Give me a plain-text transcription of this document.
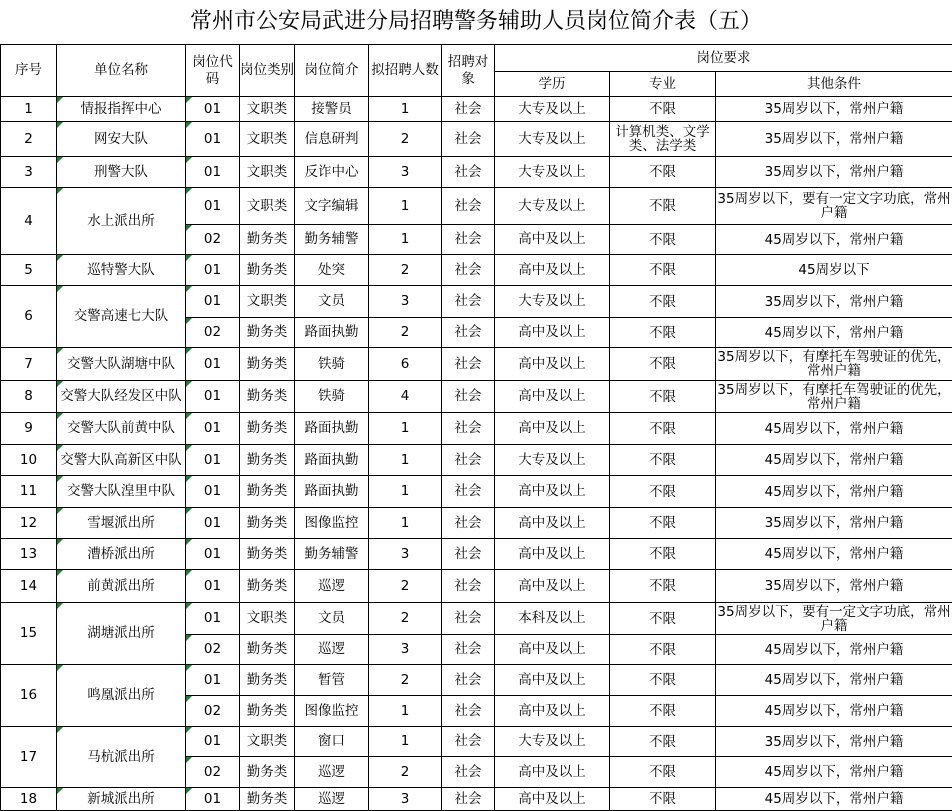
常州市公安局武进分局招聘警务辅助人员岗位简介表（五）
序号	单位名称	岗位代码	岗位类别	岗位简介	拟招聘人数	招聘对象	岗位要求		
							学历	专业	其他条件
1	情报指挥中心	01	文职类	接警员	1	社会	大专及以上	不限	35周岁以下，常州户籍
2	网安大队	01	文职类	信息研判	2	社会	大专及以上	计算机类、文学类、法学类	35周岁以下，常州户籍
3	刑警大队	01	文职类	反诈中心	3	社会	大专及以上	不限	35周岁以下，常州户籍
4	水上派出所	01	文职类	文字编辑	1	社会	大专及以上	不限	35周岁以下，要有一定文字功底，常州户籍
		02	勤务类	勤务辅警	1	社会	高中及以上	不限	45周岁以下，常州户籍
5	巡特警大队	01	勤务类	处突	2	社会	高中及以上	不限	45周岁以下
6	交警高速七大队	01	文职类	文员	3	社会	大专及以上	不限	35周岁以下，常州户籍
		02	勤务类	路面执勤	2	社会	高中及以上	不限	45周岁以下，常州户籍
7	交警大队湖塘中队	01	勤务类	铁骑	6	社会	高中及以上	不限	35周岁以下，有摩托车驾驶证的优先，常州户籍
8	交警大队经发区中队	01	勤务类	铁骑	4	社会	高中及以上	不限	35周岁以下，有摩托车驾驶证的优先，常州户籍
9	交警大队前黄中队	01	勤务类	路面执勤	1	社会	高中及以上	不限	45周岁以下，常州户籍
10	交警大队高新区中队	01	勤务类	路面执勤	1	社会	大专及以上	不限	45周岁以下，常州户籍
11	交警大队湟里中队	01	勤务类	路面执勤	1	社会	高中及以上	不限	45周岁以下，常州户籍
12	雪堰派出所	01	勤务类	图像监控	1	社会	高中及以上	不限	35周岁以下，常州户籍
13	漕桥派出所	01	勤务类	勤务辅警	3	社会	高中及以上	不限	45周岁以下，常州户籍
14	前黄派出所	01	勤务类	巡逻	2	社会	高中及以上	不限	35周岁以下，常州户籍
15	湖塘派出所	01	文职类	文员	2	社会	本科及以上	不限	35周岁以下，要有一定文字功底，常州户籍
		02	勤务类	巡逻	3	社会	高中及以上	不限	45周岁以下，常州户籍
16	鸣凰派出所	01	勤务类	暂管	2	社会	高中及以上	不限	45周岁以下，常州户籍
		02	勤务类	图像监控	1	社会	高中及以上	不限	45周岁以下，常州户籍
17	马杭派出所	01	文职类	窗口	1	社会	大专及以上	不限	35周岁以下，常州户籍
		02	勤务类	巡逻	2	社会	高中及以上	不限	45周岁以下，常州户籍
18	新城派出所	01	勤务类	巡逻	3	社会	高中及以上	不限	45周岁以下，常州户籍
